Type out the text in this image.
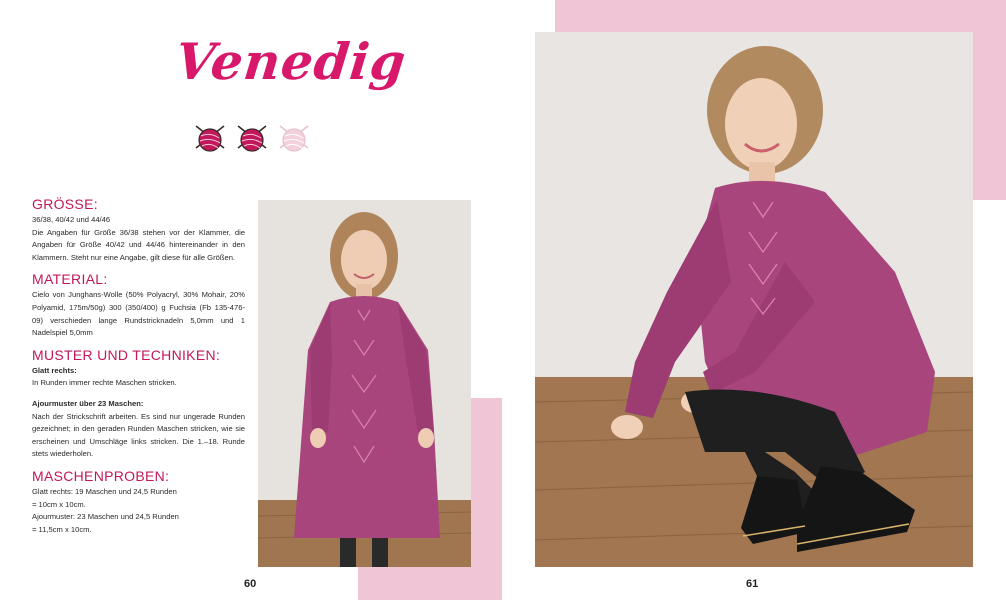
Venedig
GRÖSSE:

36/38, 40/42 und 44/46

Die Angaben für Größe 36/38 stehen vor der Klammer, die Angaben für Größe 40/42 und 44/46 hintereinander in den Klammern. Steht nur eine Angabe, gilt diese für alle Größen.

MATERIAL:

Cielo von Junghans-Wolle (50% Polyacryl, 30% Mohair, 20% Polyamid, 175m/50g) 300 (350/400) g Fuchsia (Fb 135-476-09) verschieden lange Rundstricknadeln 5,0mm und 1 Nadelspiel 5,0mm

MUSTER UND TECHNIKEN:

Glatt rechts:

In Runden immer rechte Maschen stricken.

Ajourmuster über 23 Maschen:

Nach der Strickschrift arbeiten. Es sind nur ungerade Runden gezeichnet; in den geraden Runden Maschen stricken, wie sie erscheinen und Umschläge links stricken. Die 1.–18. Runde stets wiederholen.

MASCHENPROBEN:

Glatt rechts: 19 Maschen und 24,5 Runden

= 10cm x 10cm.

Ajourmuster: 23 Maschen und 24,5 Runden

= 11,5cm x 10cm.

60	61
